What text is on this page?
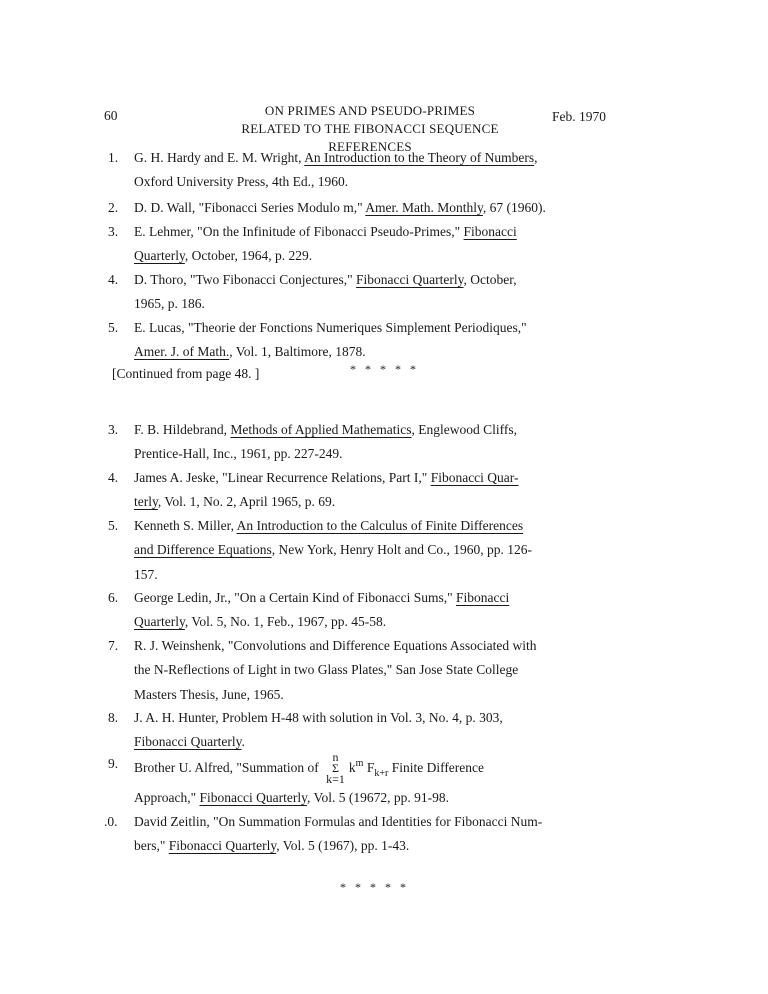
60	ON PRIMES AND PSEUDO-PRIMES
RELATED TO THE FIBONACCI SEQUENCE
REFERENCES
Feb. 1970
1.	G. H. Hardy and E. M. Wright, An Introduction to the Theory of Numbers,
Oxford University Press, 4th Ed., 1960.
2.	D. D. Wall, "Fibonacci Series Modulo m," Amer. Math. Monthly, 67 (1960).
3.	E. Lehmer, "On the Infinitude of Fibonacci Pseudo-Primes," Fibonacci
Quarterly, October, 1964, p. 229.
4.	D. Thoro, "Two Fibonacci Conjectures," Fibonacci Quarterly, October,
1965, p. 186.
5.	E. Lucas, "Theorie der Fonctions Numeriques Simplement Periodiques,"
Amer. J. of Math., Vol. 1, Baltimore, 1878.
* * * * *
[Continued from page 48. ]
3.	F. B. Hildebrand, Methods of Applied Mathematics, Englewood Cliffs,
Prentice-Hall, Inc., 1961, pp. 227-249.
4.	James A. Jeske, "Linear Recurrence Relations, Part I," Fibonacci Quar-
terly, Vol. 1, No. 2, April 1965, p. 69.
5.	Kenneth S. Miller, An Introduction to the Calculus of Finite Differences
and Difference Equations, New York, Henry Holt and Co., 1960, pp. 126-
157.
6.	George Ledin, Jr., "On a Certain Kind of Fibonacci Sums," Fibonacci
Quarterly, Vol. 5, No. 1, Feb., 1967, pp. 45-58.
7.	R. J. Weinshenk, "Convolutions and Difference Equations Associated with
the N-Reflections of Light in two Glass Plates," San Jose State College
Masters Thesis, June, 1965.
8.	J. A. H. Hunter, Problem H-48 with solution in Vol. 3, No. 4, p. 303,
Fibonacci Quarterly.
9.	Brother U. Alfred, "Summation of
n
Σ
k=1
$k^m$ $F_{k+r}$ Finite Difference
Approach," Fibonacci Quarterly, Vol. 5 (19672, pp. 91-98.
.0.	David Zeitlin, "On Summation Formulas and Identities for Fibonacci Num-
bers," Fibonacci Quarterly, Vol. 5 (1967), pp. 1-43.
* * * * *
